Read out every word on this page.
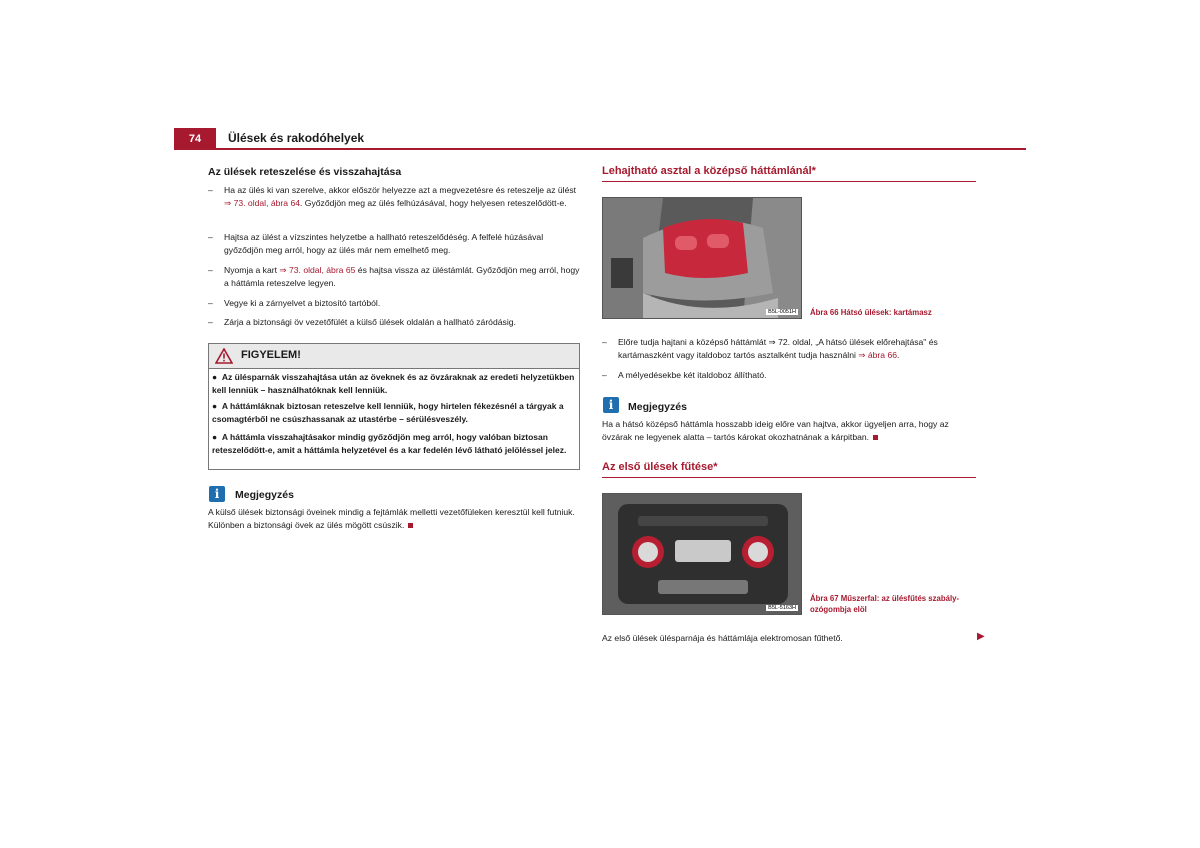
74	Ülések és rakodóhelyek
Az ülések reteszelése és visszahajtása
– Ha az ülés ki van szerelve, akkor először helyezze azt a megvezetésre és reteszelje az ülést ⇒ 73. oldal, ábra 64. Győződjön meg az ülés felhúzásával, hogy helyesen reteszelődött-e.
– Hajtsa az ülést a vízszintes helyzetbe a hallható reteszelődéség. A felfelé húzásával győződjön meg arról, hogy az ülés már nem emelhető meg.
– Nyomja a kart ⇒ 73. oldal, ábra 65 és hajtsa vissza az üléstámlát. Győződjön meg arról, hogy a háttámla reteszelve legyen.
– Vegye ki a zárnyelvet a biztosító tartóból.
– Zárja a biztonsági öv vezetőfülét a külső ülések oldalán a hallható záródásig.
FIGYELEM!
● Az ülésparnák visszahajtása után az öveknek és az övzáraknak az eredeti helyzetükben kell lenniük – használhatóknak kell lenniük.
● A háttámláknak biztosan reteszelve kell lenniük, hogy hirtelen fékezésnél a tárgyak a csomagtérből ne csúszhassanak az utastérbe – sérülésveszély.
● A háttámla visszahajtásakor mindig győződjön meg arról, hogy valóban biztosan reteszelődött-e, amit a háttámla helyzetével és a kar fedelén lévő látható jelöléssel jelez.
i	Megjegyzés
A külső ülések biztonsági öveinek mindig a fejtámlák melletti vezetőfüleken keresztül kell futniuk. Különben a biztonsági övek az ülés mögött csúszik.
Lehajtható asztal a középső háttámlánál*
B5L-0051H Ábra 66 Hátsó ülések: kartámasz
– Előre tudja hajtani a középső háttámlát ⇒ 72. oldal, „A hátsó ülések előrehajtása" és kartámaszként vagy italdoboz tartós asztalként tudja használni ⇒ ábra 66.
– A mélyedésekbe két italdoboz állítható.
i	Megjegyzés
Ha a hátsó középső háttámla hosszabb ideig előre van hajtva, akkor ügyeljen arra, hogy az övzárak ne legyenek alatta – tartós károkat okozhatnának a kárpitban.
Az első ülések fűtése*
B5L-5163H
Ábra 67 Műszerfal: az ülésfűtés szabály-
ozógombja elöl
Az első ülések ülésparnája és háttámlája elektromosan fűthető.	▶
